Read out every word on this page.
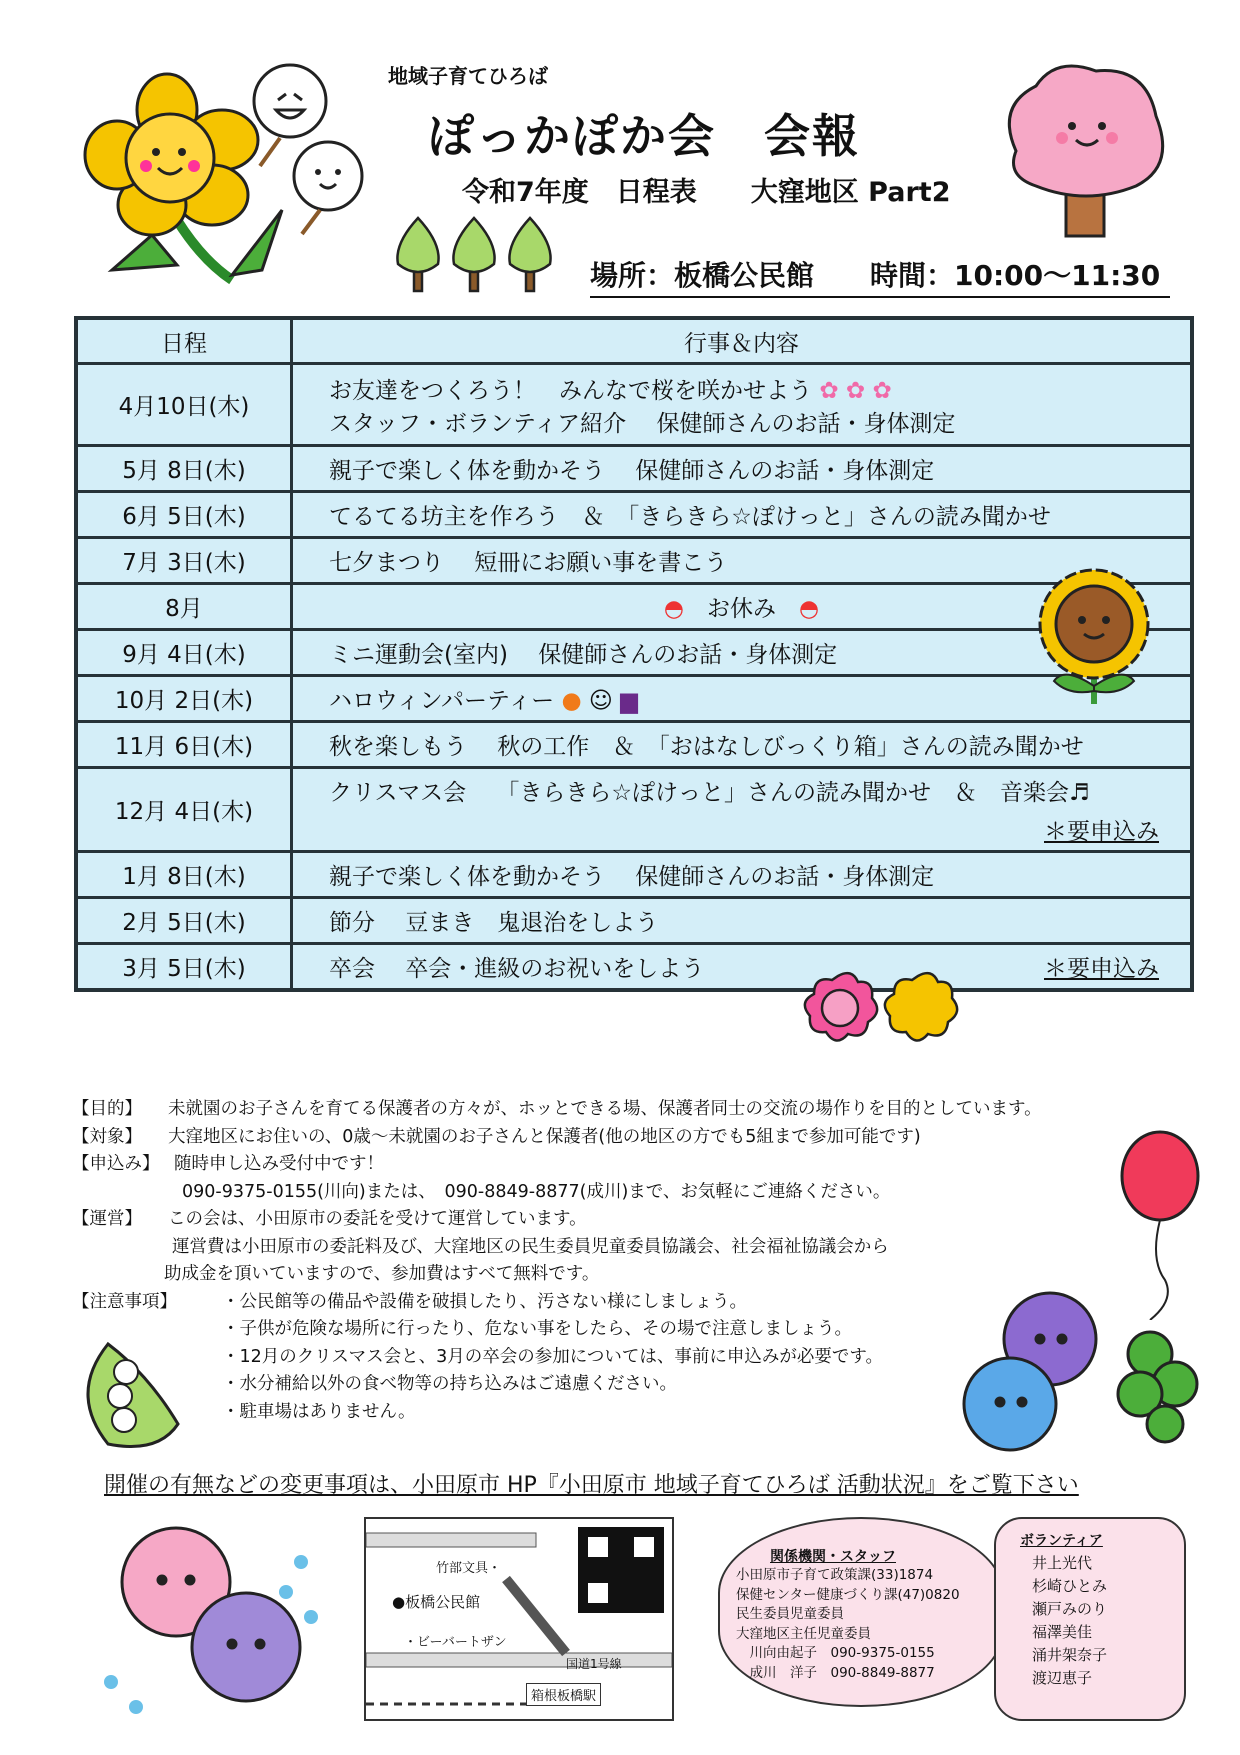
地域子育てひろば
ぽっかぽか会　会報
令和7年度　日程表　　大窪地区 Part2
場所：板橋公民館　　時間：10:00～11:30
日程	行事＆内容
4月10日(木)	お友達をつくろう！　みんなで桜を咲かせよう ✿ ✿ ✿
スタッフ・ボランティア紹介　 保健師さんのお話・身体測定

5月 8日(木)	親子で楽しく体を動かそう　 保健師さんのお話・身体測定
6月 5日(木)	てるてる坊主を作ろう　＆　「きらきら☆ぽけっと」さんの読み聞かせ
7月 3日(木)	七夕まつり　 短冊にお願い事を書こう
8月	◓　 お休み　 ◓
9月 4日(木)	ミニ運動会(室内)　 保健師さんのお話・身体測定
10月 2日(木)	ハロウィンパーティー ● ☺ ▆
11月 6日(木)	秋を楽しもう　 秋の工作　＆　「おはなしびっくり箱」さんの読み聞かせ
12月 4日(木)	クリスマス会　 「きらきら☆ぽけっと」さんの読み聞かせ　＆　音楽会♬
＊要申込み

1月 8日(木)	親子で楽しく体を動かそう　 保健師さんのお話・身体測定
2月 5日(木)	節分　 豆まき　鬼退治をしよう
3月 5日(木)	卒会　 卒会・進級のお祝いをしよう ＊要申込み
【目的】 未就園のお子さんを育てる保護者の方々が、ホッとできる場、保護者同士の交流の場作りを目的としています。
【対象】 大窪地区にお住いの、0歳～未就園のお子さんと保護者(他の地区の方でも5組まで参加可能です)
【申込み】 随時申し込み受付中です！
090-9375-0155(川向)または、　090-8849-8877(成川)まで、お気軽にご連絡ください。
【運営】 この会は、小田原市の委託を受けて運営しています。
運営費は小田原市の委託料及び、大窪地区の民生委員児童委員協議会、社会福祉協議会から
助成金を頂いていますので、参加費はすべて無料です。
【注意事項】	・公民館等の備品や設備を破損したり、汚さない様にしましょう。
・子供が危険な場所に行ったり、危ない事をしたら、その場で注意しましょう。
・12月のクリスマス会と、3月の卒会の参加については、事前に申込みが必要です。
・水分補給以外の食べ物等の持ち込みはご遠慮ください。
・駐車場はありません。
開催の有無などの変更事項は、小田原市 HP『小田原市 地域子育てひろば 活動状況』をご覧下さい
竹部文具・
●板橋公民館
・ビーバートザン
国道1号線
箱根板橋駅
関係機関・スタッフ
小田原市子育て政策課(33)1874
保健センター健康づくり課(47)0820
民生委員児童委員
大窪地区主任児童委員
　川向由起子　090-9375-0155
　成川　洋子　090-8849-8877
ボランティア
井上光代
杉崎ひとみ
瀬戸みのり
福澤美佳
涌井架奈子
渡辺恵子
